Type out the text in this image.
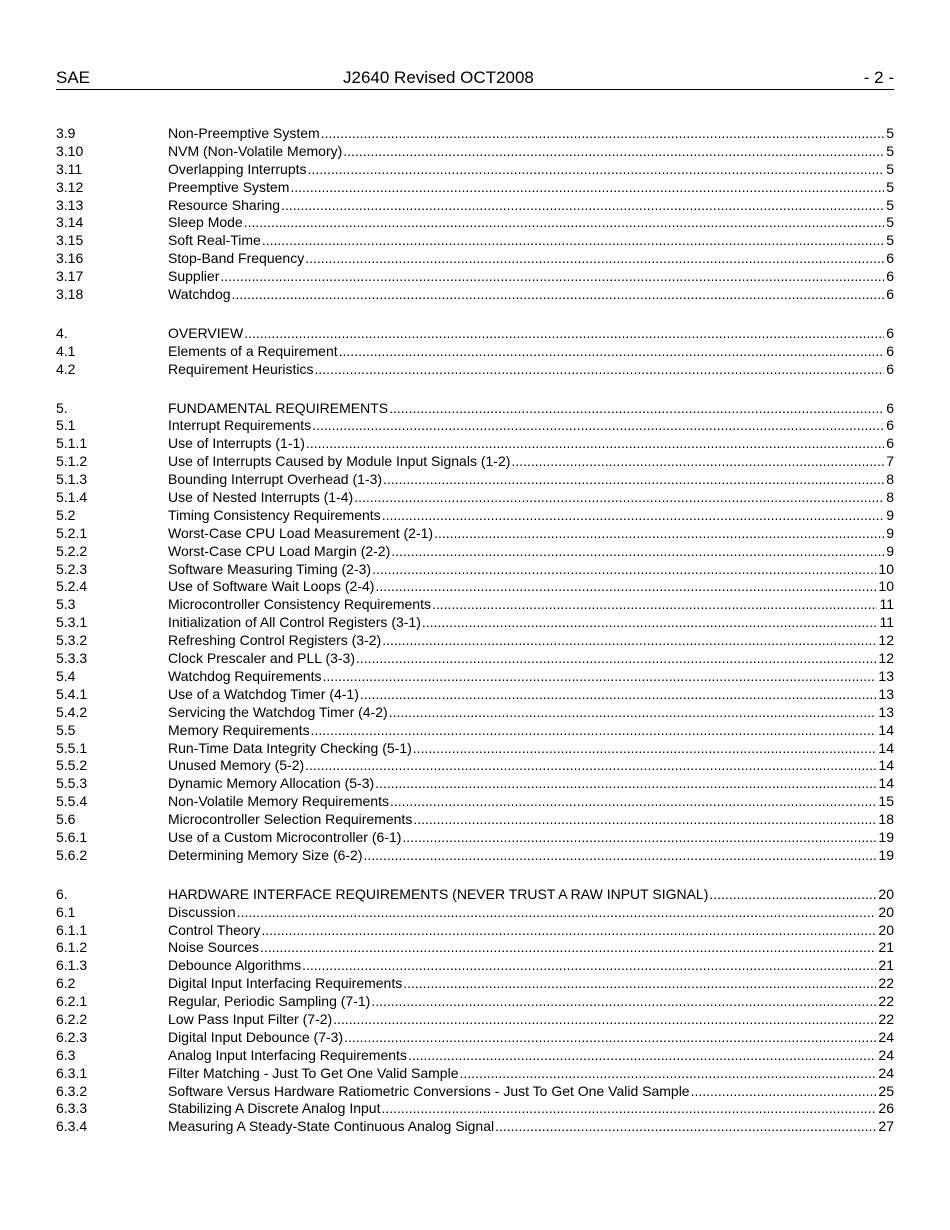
SAE	J2640 Revised OCT2008	- 2 -
3.9	Non-Preemptive System .....	5
3.10	NVM (Non-Volatile Memory) .....	5
3.11	Overlapping Interrupts .....	5
3.12	Preemptive System .....	5
3.13	Resource Sharing .....	5
3.14	Sleep Mode .....	5
3.15	Soft Real-Time .....	5
3.16	Stop-Band Frequency .....	6
3.17	Supplier .....	6
3.18	Watchdog .....	6
4.	OVERVIEW .....	6
4.1	Elements of a Requirement .....	6
4.2	Requirement Heuristics .....	6
5.	FUNDAMENTAL REQUIREMENTS .....	6
5.1	Interrupt Requirements .....	6
5.1.1	Use of Interrupts (1-1) .....	6
5.1.2	Use of Interrupts Caused by Module Input Signals (1-2) .....	7
5.1.3	Bounding Interrupt Overhead (1-3) .....	8
5.1.4	Use of Nested Interrupts (1-4) .....	8
5.2	Timing Consistency Requirements .....	9
5.2.1	Worst-Case CPU Load Measurement (2-1) .....	9
5.2.2	Worst-Case CPU Load Margin (2-2) .....	9
5.2.3	Software Measuring Timing (2-3) .....	10
5.2.4	Use of Software Wait Loops (2-4) .....	10
5.3	Microcontroller Consistency Requirements .....	11
5.3.1	Initialization of All Control Registers (3-1) .....	11
5.3.2	Refreshing Control Registers (3-2) .....	12
5.3.3	Clock Prescaler and PLL (3-3) .....	12
5.4	Watchdog Requirements .....	13
5.4.1	Use of a Watchdog Timer (4-1) .....	13
5.4.2	Servicing the Watchdog Timer (4-2) .....	13
5.5	Memory Requirements .....	14
5.5.1	Run-Time Data Integrity Checking (5-1) .....	14
5.5.2	Unused Memory (5-2) .....	14
5.5.3	Dynamic Memory Allocation (5-3) .....	14
5.5.4	Non-Volatile Memory Requirements .....	15
5.6	Microcontroller Selection Requirements .....	18
5.6.1	Use of a Custom Microcontroller (6-1) .....	19
5.6.2	Determining Memory Size (6-2) .....	19
6.	HARDWARE INTERFACE REQUIREMENTS (NEVER TRUST A RAW INPUT SIGNAL) .....	20
6.1	Discussion .....	20
6.1.1	Control Theory .....	20
6.1.2	Noise Sources .....	21
6.1.3	Debounce Algorithms .....	21
6.2	Digital Input Interfacing Requirements .....	22
6.2.1	Regular, Periodic Sampling (7-1) .....	22
6.2.2	Low Pass Input Filter (7-2) .....	22
6.2.3	Digital Input Debounce (7-3) .....	24
6.3	Analog Input Interfacing Requirements .....	24
6.3.1	Filter Matching - Just To Get One Valid Sample .....	24
6.3.2	Software Versus Hardware Ratiometric Conversions - Just To Get One Valid Sample .....	25
6.3.3	Stabilizing A Discrete Analog Input .....	26
6.3.4	Measuring A Steady-State Continuous Analog Signal .....	27
